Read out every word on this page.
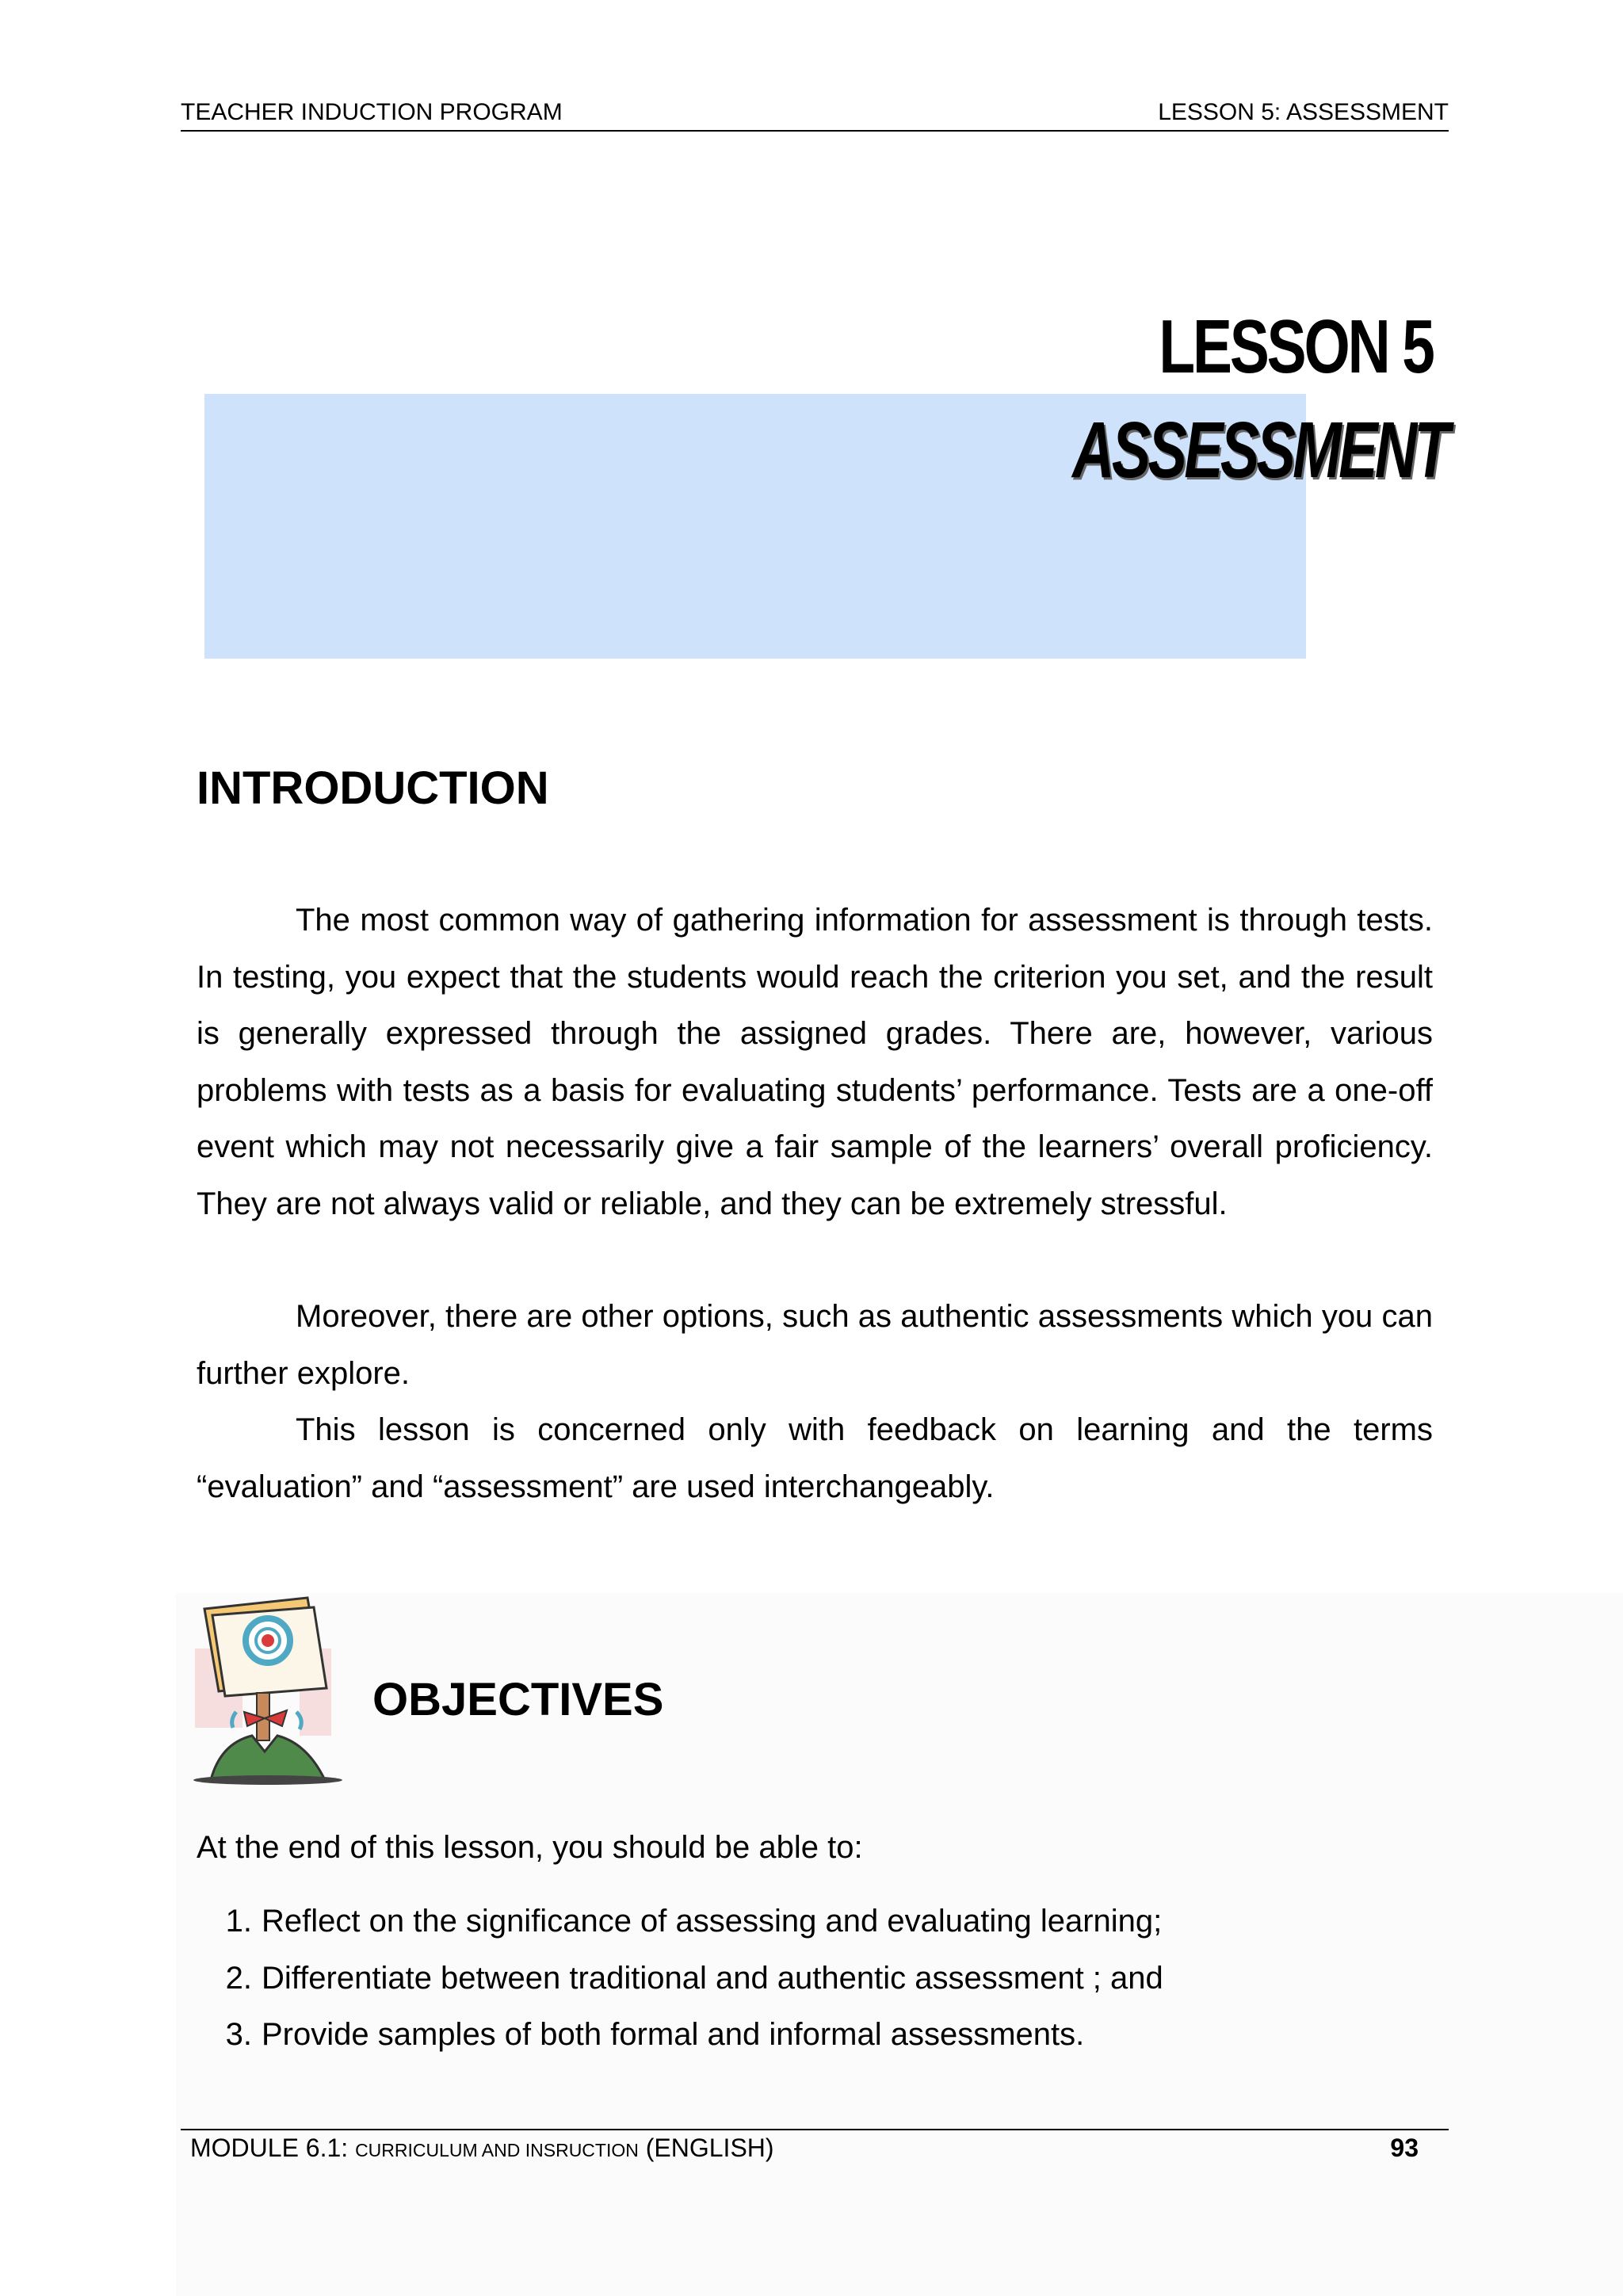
TEACHER INDUCTION PROGRAM	LESSON 5: ASSESSMENT
LESSON 5
ASSESSMENT
INTRODUCTION

The most common way of gathering information for assessment is through tests. In testing, you expect that the students would reach the criterion you set, and the result is generally expressed through the assigned grades. There are, however, various problems with tests as a basis for evaluating students’ performance. Tests are a one-off event which may not necessarily give a fair sample of the learners’ overall proficiency. They are not always valid or reliable, and they can be extremely stressful.

Moreover, there are other options, such as authentic assessments which you can further explore.

This lesson is concerned only with feedback on learning and the terms “evaluation” and “assessment” are used interchangeably.

OBJECTIVES

At the end of this lesson, you should be able to:

1. Reflect on the significance of assessing and evaluating learning;
2. Differentiate between traditional and authentic assessment ; and
3. Provide samples of both formal and informal assessments.
MODULE 6.1: CURRICULUM AND INSRUCTION (ENGLISH)	93
